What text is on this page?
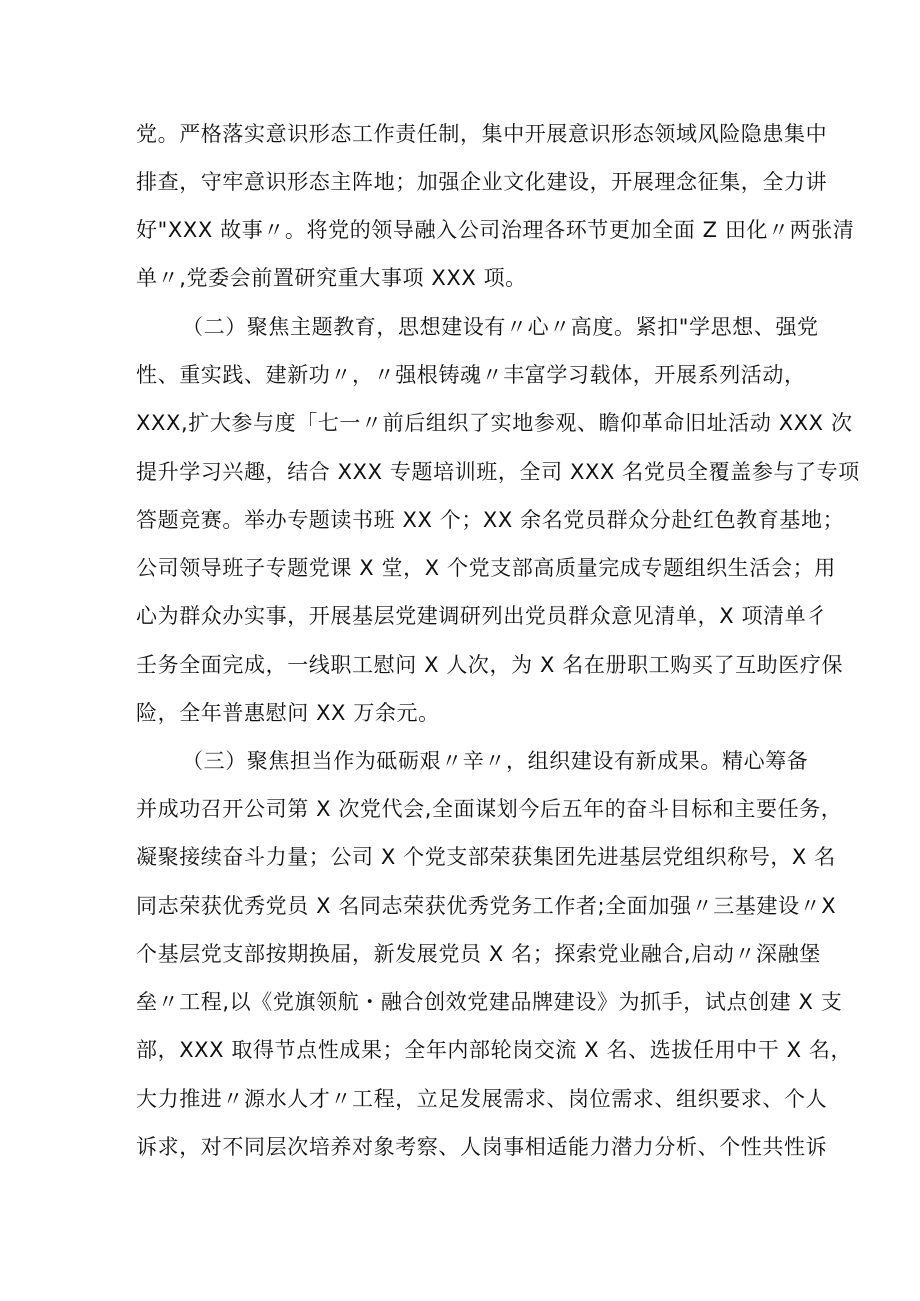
党。严格落实意识形态工作责任制，集中开展意识形态领域风险隐患集中
排查，守牢意识形态主阵地；加强企业文化建设，开展理念征集，全力讲
好"XXX 故事〃。将党的领导融入公司治理各环节更加全面 Z 田化〃两张清
单〃,党委会前置研究重大事项 XXX 项。
（二）聚焦主题教育，思想建设有〃心〃高度。紧扣"学思想、强党
性、重实践、建新功〃，〃强根铸魂〃丰富学习载体，开展系列活动，
XXX,扩大参与度「七一〃前后组织了实地参观、瞻仰革命旧址活动 XXX 次
提升学习兴趣，结合 XXX 专题培训班，全司 XXX 名党员全覆盖参与了专项
答题竞赛。举办专题读书班 XX 个；XX 余名党员群众分赴红色教育基地；
公司领导班子专题党课 X 堂，X 个党支部高质量完成专题组织生活会；用
心为群众办实事，开展基层党建调研列出党员群众意见清单，X 项清单彳
壬务全面完成，一线职工慰问 X 人次，为 X 名在册职工购买了互助医疗保
险，全年普惠慰问 XX 万余元。
（三）聚焦担当作为砥砺艰〃辛〃，组织建设有新成果。精心筹备
并成功召开公司第 X 次党代会,全面谋划今后五年的奋斗目标和主要任务，
凝聚接续奋斗力量；公司 X 个党支部荣获集团先进基层党组织称号，X 名
同志荣获优秀党员 X 名同志荣获优秀党务工作者;全面加强〃三基建设〃X
个基层党支部按期换届，新发展党员 X 名；探索党业融合,启动〃深融堡
垒〃工程,以《党旗领航・融合创效党建品牌建设》为抓手，试点创建 X 支
部，XXX 取得节点性成果；全年内部轮岗交流 X 名、选拔任用中干 X 名，
大力推进〃源水人才〃工程，立足发展需求、岗位需求、组织要求、个人
诉求，对不同层次培养对象考察、人岗事相适能力潜力分析、个性共性诉
